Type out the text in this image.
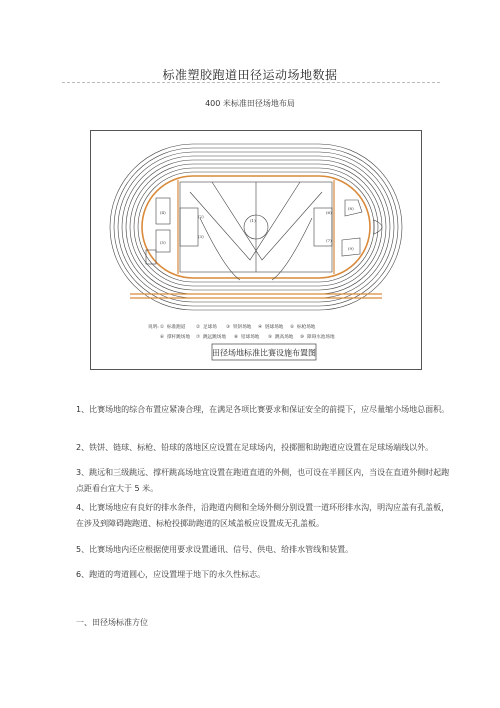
标准塑胶跑道田径运动场地数据
400 米标准田径场地布局
(1)
(2)
(3)
(4)
(5)
(6)
(7)
(8)
(9)
说明: ① 标准跑道 ② 足球场 ③ 铁饼场地 ④ 链球场地 ⑤ 标枪场地
⑥ 撑杆跳场地 ⑦ 跳远跳场地 ⑧ 铅球场地 ⑨ 跳高场地 ⑩ 障碍水池场地
田径场地标准比赛设施布置图
1、比赛场地的综合布置应紧凑合理，在满足各项比赛要求和保证安全的前提下，应尽量缩小场地总面积。
2、铁饼、链球、标枪、铅球的落地区应设置在足球场内，投掷圈和助跑道应设置在足球场端线以外。
3、跳远和三级跳远、撑杆跳高场地宜设置在跑道直道的外侧，也可设在半圆区内，当设在直道外侧时起跑点距看台宜大于 5 米。
4、比赛场地应有良好的排水条件，沿跑道内侧和全场外侧分别设置一道环形排水沟，明沟应盖有孔盖板，在涉及到障碍跑跑道、标枪投掷助跑道的区域盖板应设置成无孔盖板。
5、比赛场地内还应根据使用要求设置通讯、信号、供电、给排水管线和装置。
6、跑道的弯道圆心，应设置埋于地下的永久性标志。
一、田径场标准方位
